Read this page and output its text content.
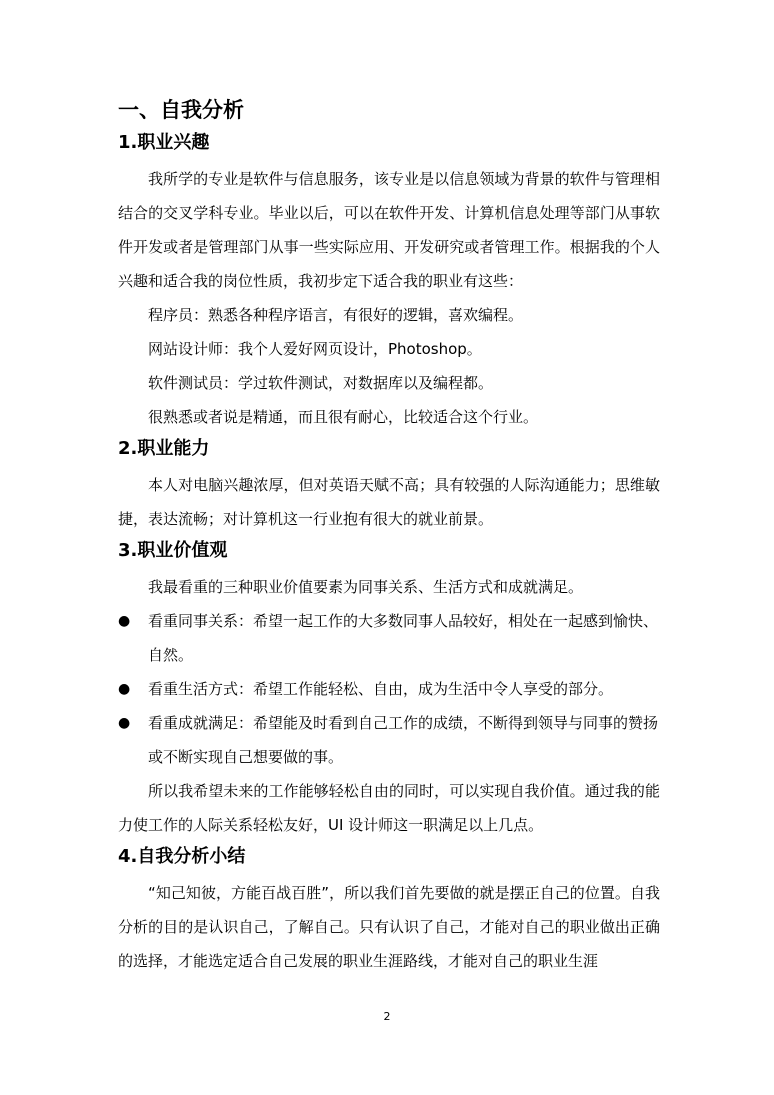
一、自我分析
1.职业兴趣

我所学的专业是软件与信息服务，该专业是以信息领域为背景的软件与管理相结合的交叉学科专业。毕业以后，可以在软件开发、计算机信息处理等部门从事软件开发或者是管理部门从事一些实际应用、开发研究或者管理工作。根据我的个人兴趣和适合我的岗位性质，我初步定下适合我的职业有这些：

程序员：熟悉各种程序语言，有很好的逻辑，喜欢编程。

网站设计师：我个人爱好网页设计，Photoshop。

软件测试员：学过软件测试，对数据库以及编程都。

很熟悉或者说是精通，而且很有耐心，比较适合这个行业。

2.职业能力

本人对电脑兴趣浓厚，但对英语天赋不高；具有较强的人际沟通能力；思维敏捷，表达流畅；对计算机这一行业抱有很大的就业前景。

3.职业价值观

我最看重的三种职业价值要素为同事关系、生活方式和成就满足。

● 看重同事关系：希望一起工作的大多数同事人品较好，相处在一起感到愉快、自然。
● 看重生活方式：希望工作能轻松、自由，成为生活中令人享受的部分。
● 看重成就满足：希望能及时看到自己工作的成绩，不断得到领导与同事的赞扬或不断实现自己想要做的事。

所以我希望未来的工作能够轻松自由的同时，可以实现自我价值。通过我的能力使工作的人际关系轻松友好，UI 设计师这一职满足以上几点。

4.自我分析小结

“知己知彼，方能百战百胜”，所以我们首先要做的就是摆正自己的位置。自我分析的目的是认识自己，了解自己。只有认识了自己，才能对自己的职业做出正确的选择，才能选定适合自己发展的职业生涯路线，才能对自己的职业生涯

2
